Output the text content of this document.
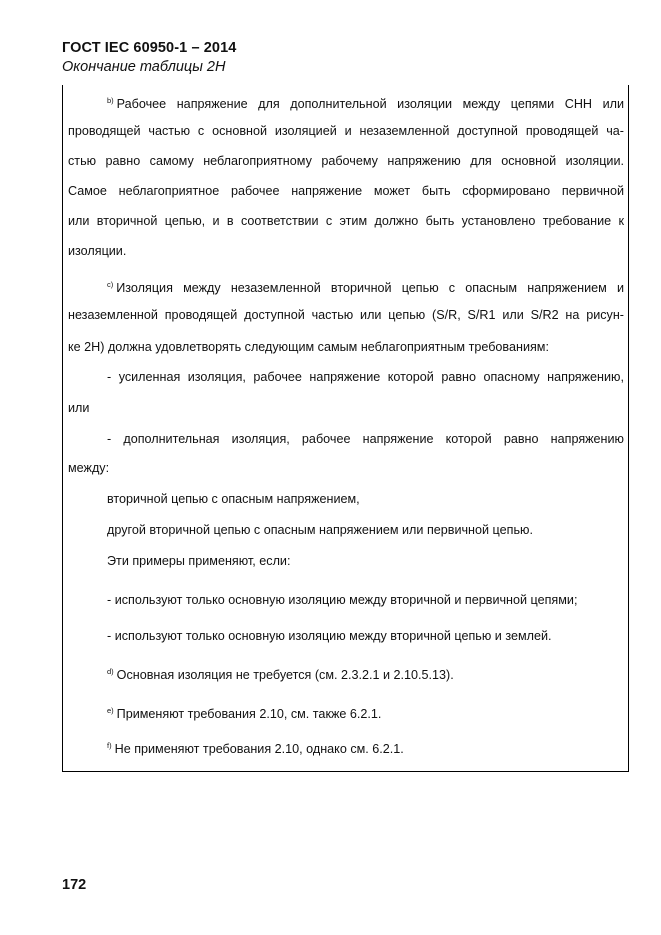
ГОСТ IEC 60950-1 – 2014
Окончание таблицы 2Н
$^{b)}$ Рабочее напряжение для дополнительной изоляции между цепями СНН или
проводящей частью с основной изоляцией и незаземленной доступной проводящей ча-
стью равно самому неблагоприятному рабочему напряжению для основной изоляции.
Самое неблагоприятное рабочее напряжение может быть сформировано первичной
или вторичной цепью, и в соответствии с этим должно быть установлено требование к
изоляции.
$^{c)}$ Изоляция между незаземленной вторичной цепью с опасным напряжением и
незаземленной проводящей доступной частью или цепью (S/R, S/R1 или S/R2 на рисун-
ке 2Н) должна удовлетворять следующим самым неблагоприятным требованиям:
- усиленная изоляция, рабочее напряжение которой равно опасному напряжению,
или
- дополнительная изоляция, рабочее напряжение которой равно напряжению
между:
вторичной цепью с опасным напряжением,
другой вторичной цепью с опасным напряжением или первичной цепью.
Эти примеры применяют, если:
- используют только основную изоляцию между вторичной и первичной цепями;
- используют только основную изоляцию между вторичной цепью и землей.
$^{d)}$ Основная изоляция не требуется (см. 2.3.2.1 и 2.10.5.13).
$^{e)}$ Применяют требования 2.10, см. также 6.2.1.
$^{f)}$ Не применяют требования 2.10, однако см. 6.2.1.
172
